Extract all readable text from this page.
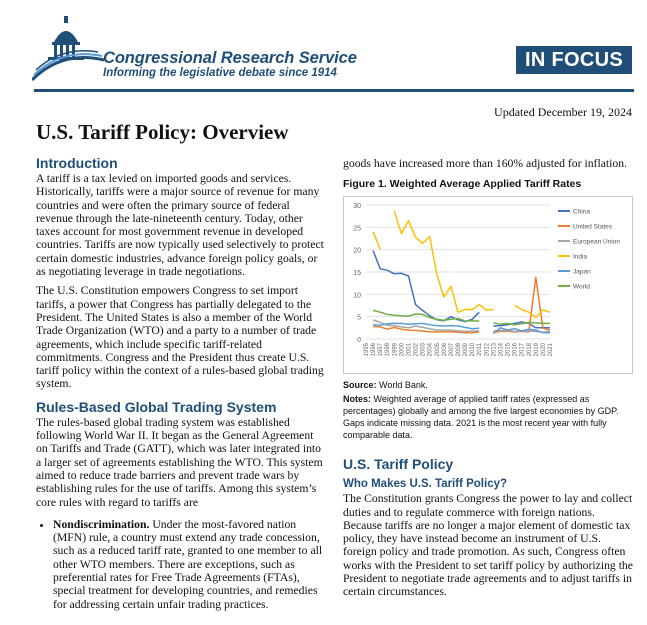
Congressional Research Service
Informing the legislative debate since 1914
IN FOCUS
Updated December 19, 2024
U.S. Tariff Policy: Overview
Introduction

A tariff is a tax levied on imported goods and services. Historically, tariffs were a major source of revenue for many countries and were often the primary source of federal revenue through the late-nineteenth century. Today, other taxes account for most government revenue in developed countries. Tariffs are now typically used selectively to protect certain domestic industries, advance foreign policy goals, or as negotiating leverage in trade negotiations.

The U.S. Constitution empowers Congress to set import tariffs, a power that Congress has partially delegated to the President. The United States is also a member of the World Trade Organization (WTO) and a party to a number of trade agreements, which include specific tariff-related commitments. Congress and the President thus create U.S. tariff policy within the context of a rules-based global trading system.

Rules-Based Global Trading System

The rules-based global trading system was established following World War II. It began as the General Agreement on Tariffs and Trade (GATT), which was later integrated into a larger set of agreements establishing the WTO. This system aimed to reduce trade barriers and prevent trade wars by establishing rules for the use of tariffs. Among this system’s core rules with regard to tariffs are

• Nondiscrimination. Under the most-favored nation (MFN) rule, a country must extend any trade concession, such as a reduced tariff rate, granted to one member to all other WTO members. There are exceptions, such as preferential rates for Free Trade Agreements (FTAs), special treatment for developing countries, and remedies for addressing certain unfair trading practices.

goods have increased more than 160% adjusted for inflation.

Figure 1. Weighted Average Applied Tariff Rates
0
5
10
15
20
25
30
1995 1996 1997 1998 1999 2000 2001 2002 2003 2004 2005 2006 2007 2008 2009 2010 2011 2012 2013 2014 2015 2016 2017 2018 2019 2020 2021
China
United States
European Union
India
Japan
World
Source: World Bank.
Notes: Weighted average of applied tariff rates (expressed as percentages) globally and among the five largest economies by GDP. Gaps indicate missing data. 2021 is the most recent year with fully comparable data.
U.S. Tariff Policy
Who Makes U.S. Tariff Policy?

The Constitution grants Congress the power to lay and collect duties and to regulate commerce with foreign nations. Because tariffs are no longer a major element of domestic tax policy, they have instead become an instrument of U.S. foreign policy and trade promotion. As such, Congress often works with the President to set tariff policy by authorizing the President to negotiate trade agreements and to adjust tariffs in certain circumstances.
